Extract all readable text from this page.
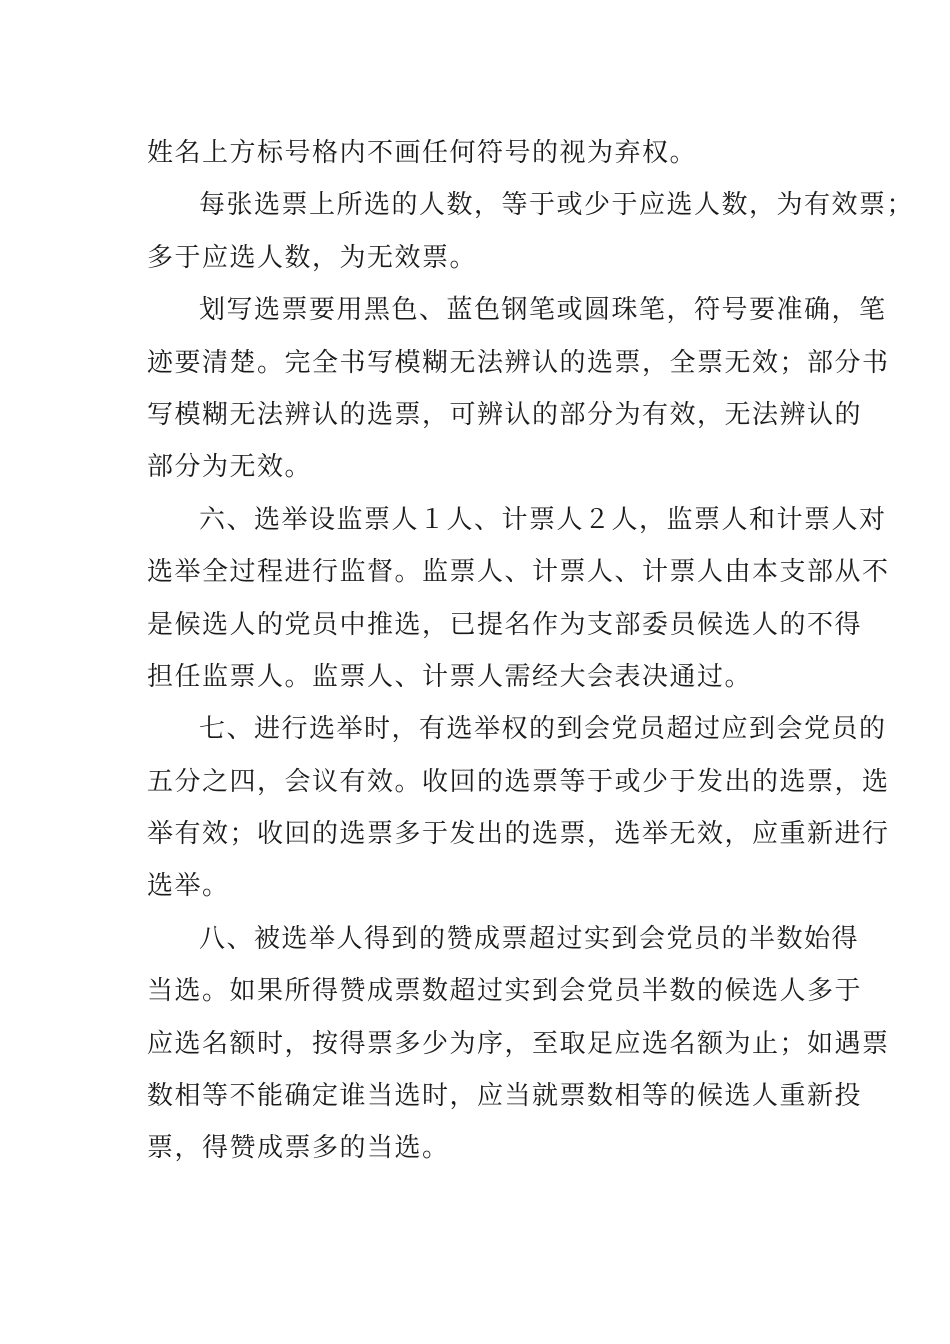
姓名上方标号格内不画任何符号的视为弃权。
每张选票上所选的人数，等于或少于应选人数，为有效票；
多于应选人数，为无效票。
划写选票要用黑色、蓝色钢笔或圆珠笔，符号要准确，笔
迹要清楚。完全书写模糊无法辨认的选票，全票无效；部分书
写模糊无法辨认的选票，可辨认的部分为有效，无法辨认的
部分为无效。
六、选举设监票人１人、计票人２人，监票人和计票人对
选举全过程进行监督。监票人、计票人、计票人由本支部从不
是候选人的党员中推选，已提名作为支部委员候选人的不得
担任监票人。监票人、计票人需经大会表决通过。
七、进行选举时，有选举权的到会党员超过应到会党员的
五分之四，会议有效。收回的选票等于或少于发出的选票，选
举有效；收回的选票多于发出的选票，选举无效，应重新进行
选举。
八、被选举人得到的赞成票超过实到会党员的半数始得
当选。如果所得赞成票数超过实到会党员半数的候选人多于
应选名额时，按得票多少为序，至取足应选名额为止；如遇票
数相等不能确定谁当选时，应当就票数相等的候选人重新投
票，得赞成票多的当选。
